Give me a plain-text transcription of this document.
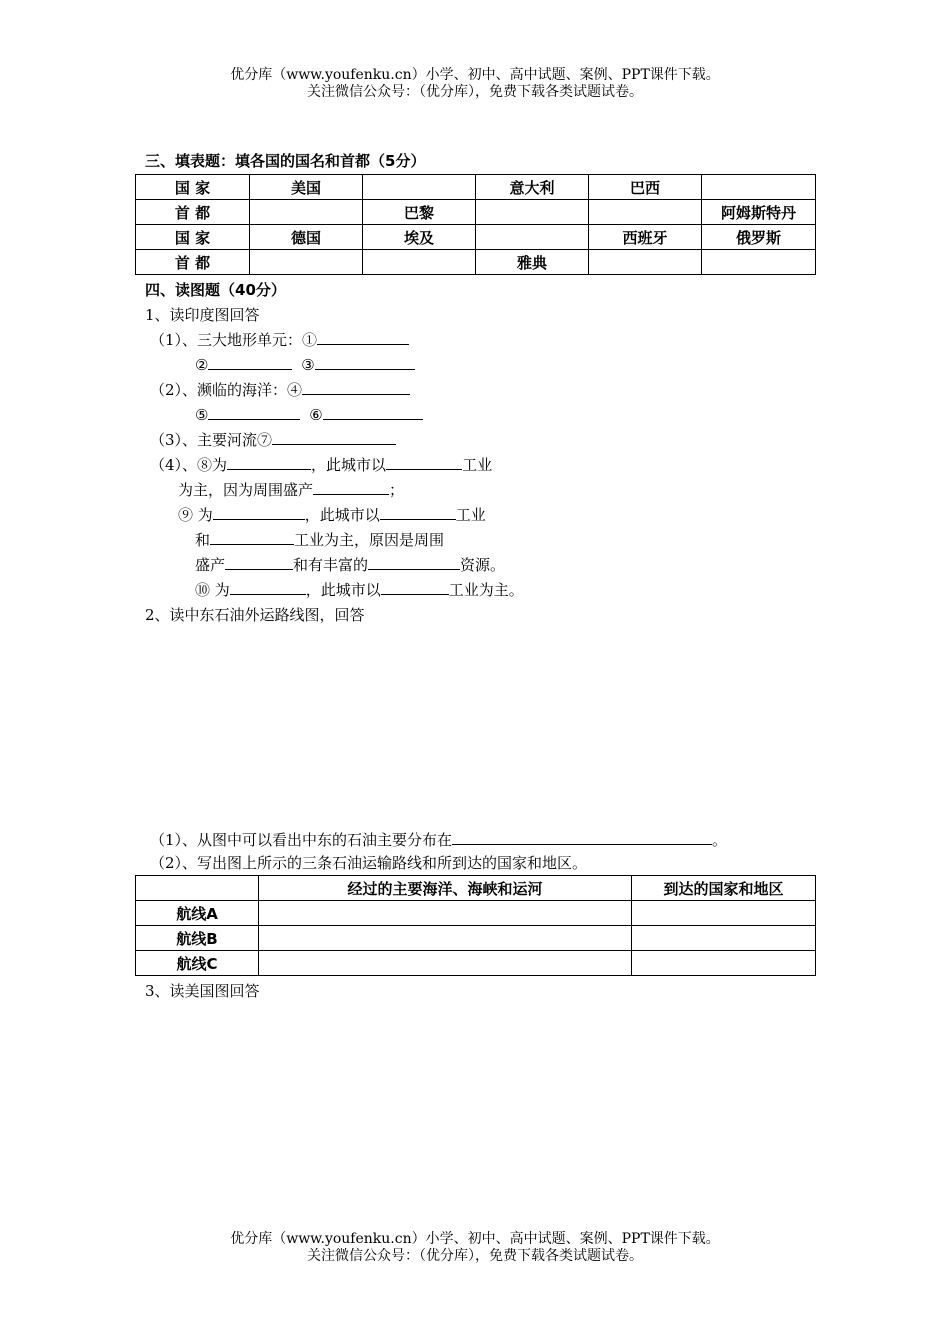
优分库（www.youfenku.cn）小学、初中、高中试题、案例、PPT课件下载。
关注微信公众号：（优分库），免费下载各类试题试卷。
三、填表题：填各国的国名和首都（5分）
国 家	美国		意大利	巴西	
首 都		巴黎			阿姆斯特丹
国 家	德国	埃及		西班牙	俄罗斯
首 都			雅典		
四、读图题（40分）
1、读印度图回答
（1）、三大地形单元：①
②	③
（2）、濒临的海洋：④
⑤	⑥
（3）、主要河流⑦
（4）、⑧为	，此城市以	工业
为主，因为周围盛产	；
⑨ 为	，此城市以	工业
和	工业为主，原因是周围
盛产	和有丰富的	资源。
⑩ 为	，此城市以	工业为主。
2、读中东石油外运路线图，回答
（1）、从图中可以看出中东的石油主要分布在	。
（2）、写出图上所示的三条石油运输路线和所到达的国家和地区。
	经过的主要海洋、海峡和运河	到达的国家和地区
航线A		
航线B		
航线C		
3、读美国图回答
优分库（www.youfenku.cn）小学、初中、高中试题、案例、PPT课件下载。
关注微信公众号：（优分库），免费下载各类试题试卷。
